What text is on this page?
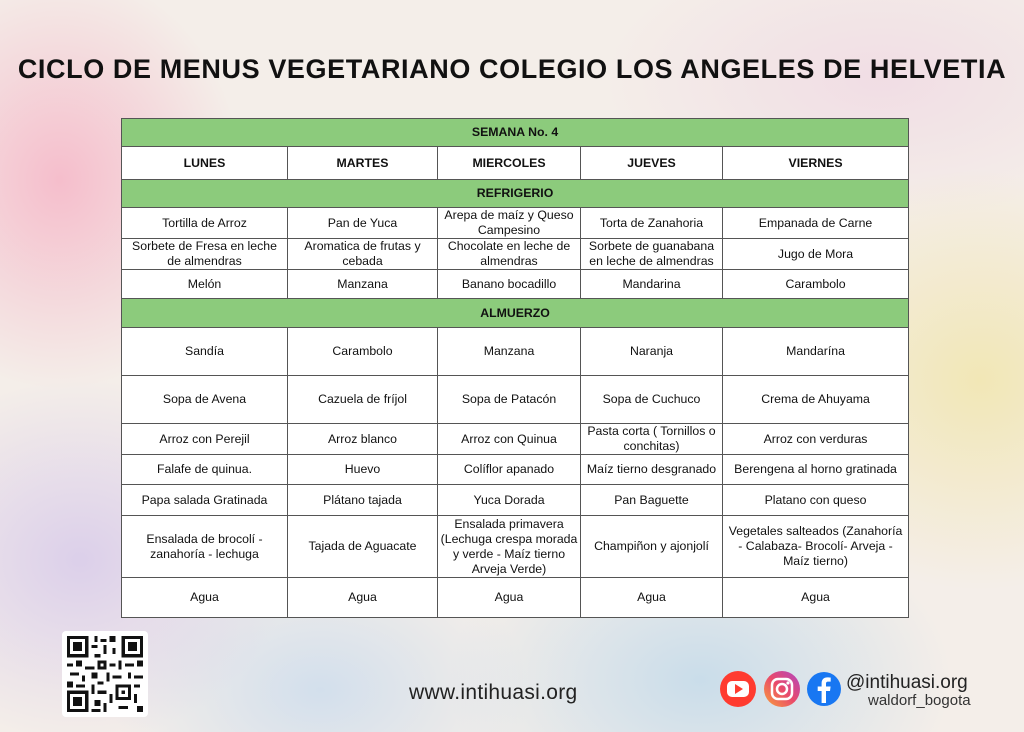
CICLO DE MENUS VEGETARIANO COLEGIO LOS ANGELES DE HELVETIA
SEMANA No. 4				
LUNES	MARTES	MIERCOLES	JUEVES	VIERNES
REFRIGERIO				
Tortilla de Arroz	Pan de Yuca	Arepa de maíz y Queso Campesino	Torta de Zanahoria	Empanada de Carne
Sorbete de Fresa en leche de almendras	Aromatica de frutas y cebada	Chocolate en leche de almendras	Sorbete de guanabana en leche de almendras	Jugo de Mora
Melón	Manzana	Banano bocadillo	Mandarina	Carambolo
ALMUERZO				
Sandía	Carambolo	Manzana	Naranja	Mandarína
Sopa de Avena	Cazuela de fríjol	Sopa de Patacón	Sopa de Cuchuco	Crema de Ahuyama
Arroz con Perejil	Arroz blanco	Arroz con Quinua	Pasta corta ( Tornillos o conchitas)	Arroz con verduras
Falafe de quinua.	Huevo	Colíflor apanado	Maíz tierno desgranado	Berengena al horno gratinada
Papa salada Gratinada	Plátano tajada	Yuca Dorada	Pan Baguette	Platano con queso
Ensalada de brocolí - zanahoría - lechuga	Tajada de Aguacate	Ensalada primavera (Lechuga crespa morada y verde - Maíz tierno Arveja Verde)	Champiñon y ajonjolí	Vegetales salteados (Zanahoría - Calabaza- Brocolí- Arveja - Maíz tierno)
Agua	Agua	Agua	Agua	Agua
www.intihuasi.org	@intihuasi.org
waldorf_bogota
